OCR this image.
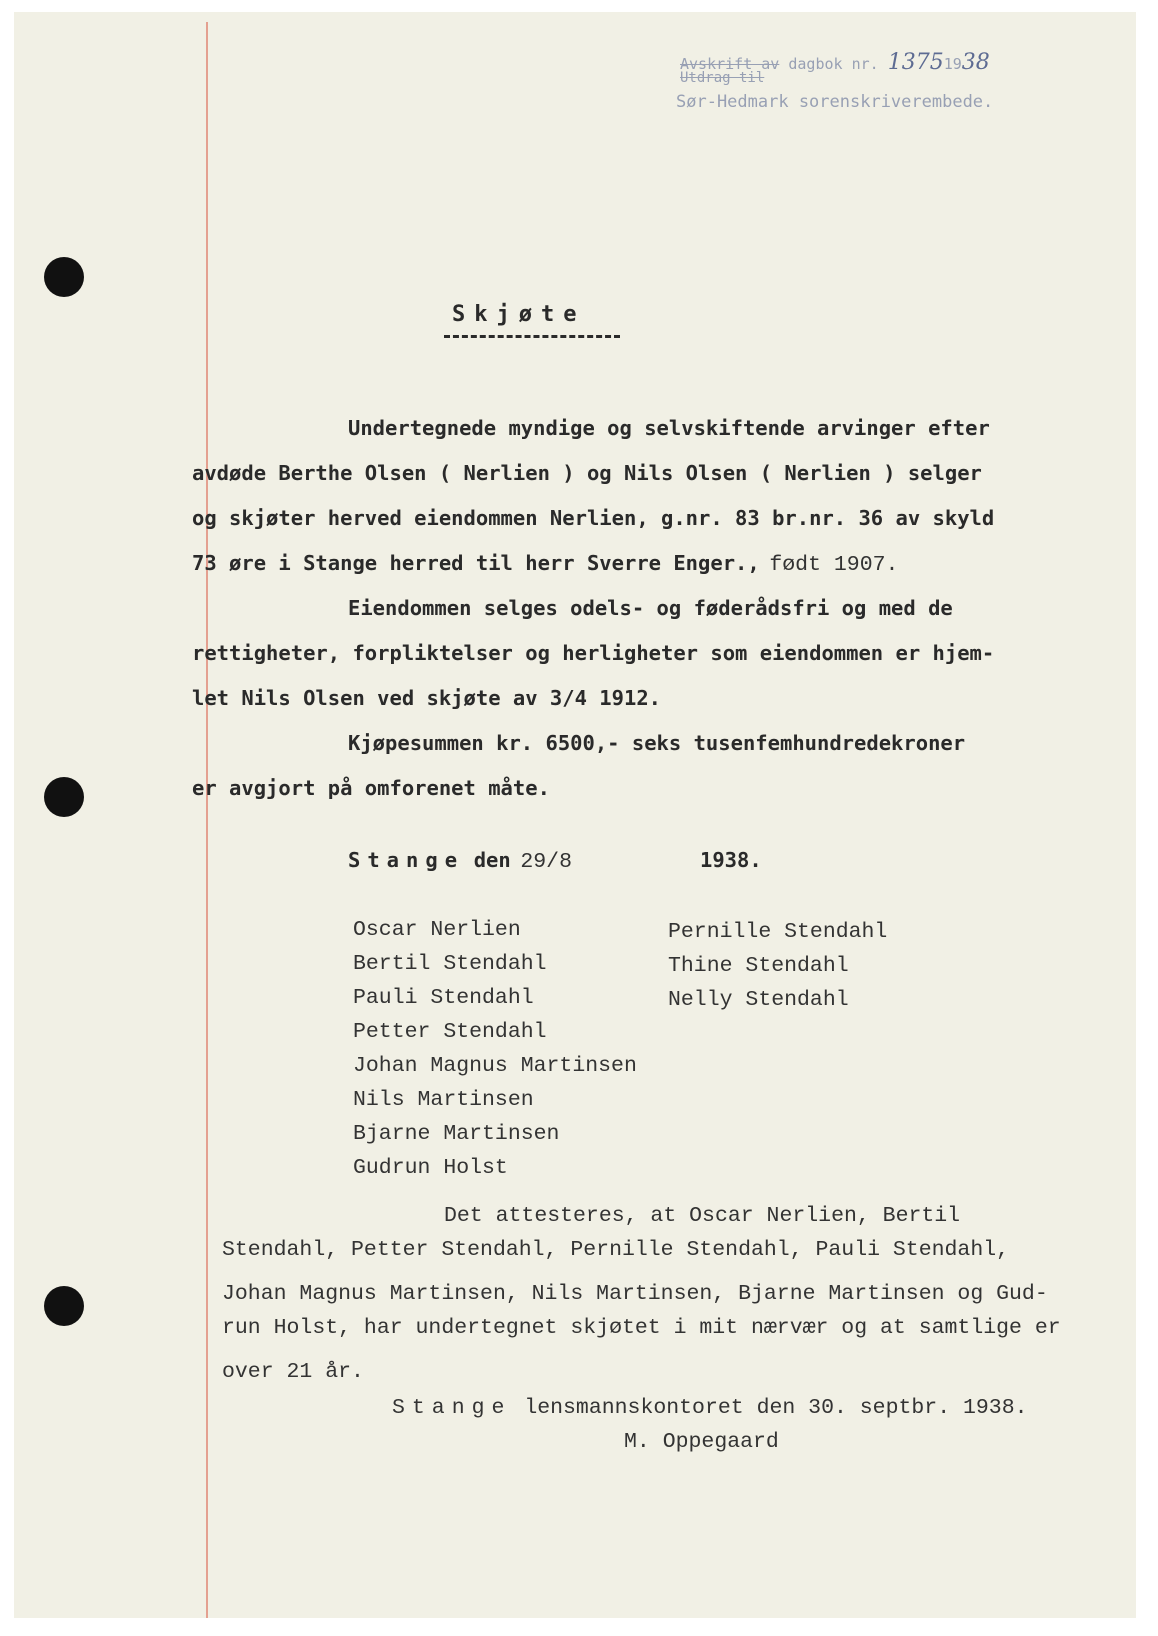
Avskrift av dagbok nr. 13751938
Utdrag til
Sør-Hedmark sorenskriverembede.
Skjøte
Undertegnede myndige og selvskiftende arvinger efter
avdøde Berthe Olsen ( Nerlien ) og Nils Olsen ( Nerlien ) selger
og skjøter herved eiendommen Nerlien, g.nr. 83 br.nr. 36 av skyld
73 øre i Stange herred til herr Sverre Enger., født 1907.
Eiendommen selges odels- og føderådsfri og med de
rettigheter, forpliktelser og herligheter som eiendommen er hjem-
let Nils Olsen ved skjøte av 3/4 1912.
Kjøpesummen kr. 6500,- seks tusenfemhundredekroner
er avgjort på omforenet måte.
Stange den 29/8	1938.
Oscar Nerlien
Bertil Stendahl
Pauli Stendahl
Petter Stendahl
Johan Magnus Martinsen
Nils Martinsen
Bjarne Martinsen
Gudrun Holst
Pernille Stendahl
Thine Stendahl
Nelly Stendahl
Det attesteres, at Oscar Nerlien, Bertil
Stendahl, Petter Stendahl, Pernille Stendahl, Pauli Stendahl,
Johan Magnus Martinsen, Nils Martinsen, Bjarne Martinsen og Gud-
run Holst, har undertegnet skjøtet i mit nærvær og at samtlige er
over 21 år.
Stange lensmannskontoret den 30. septbr. 1938.
M. Oppegaard
